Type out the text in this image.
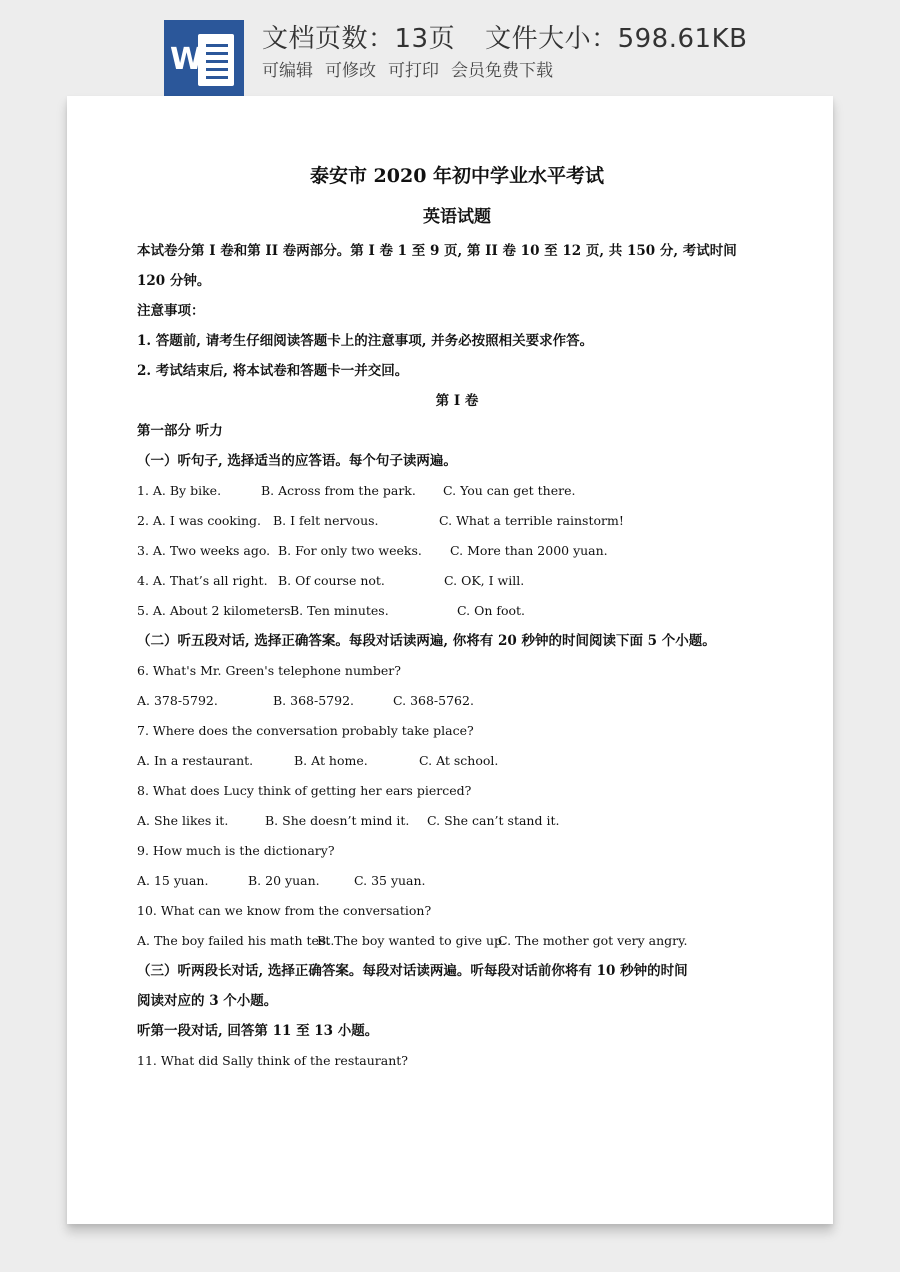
W
文档页数：13页 文件大小：598.61KB
可编辑 可修改 可打印 会员免费下载
泰安市 2020 年初中学业水平考试
英语试题
本试卷分第 I 卷和第 II 卷两部分。第 I 卷 1 至 9 页, 第 II 卷 10 至 12 页, 共 150 分, 考试时间
120 分钟。
注意事项：
1. 答题前, 请考生仔细阅读答题卡上的注意事项, 并务必按照相关要求作答。
2. 考试结束后, 将本试卷和答题卡一并交回。
第 I 卷
第一部分 听力
（一）听句子, 选择适当的应答语。每个句子读两遍。
1. A. By bike.	B. Across from the park. C. You can get there.
2. A. I was cooking. B. I felt nervous.	C. What a terrible rainstorm!
3. A. Two weeks ago. B. For only two weeks. C. More than 2000 yuan.
4. A. That’s all right. B. Of course not.	C. OK, I will.
5. A. About 2 kilometers.B. Ten minutes.	C. On foot.
（二）听五段对话, 选择正确答案。每段对话读两遍, 你将有 20 秒钟的时间阅读下面 5 个小题。
6. What's Mr. Green's telephone number?
A. 378-5792.	B. 368-5792.	C. 368-5762.
7. Where does the conversation probably take place?
A. In a restaurant.	B. At home.	C. At school.
8. What does Lucy think of getting her ears pierced?
A. She likes it.	B. She doesn’t mind it. C. She can’t stand it.
9. How much is the dictionary?
A. 15 yuan.	B. 20 yuan.	C. 35 yuan.
10. What can we know from the conversation?
A. The boy failed his math test.B. The boy wanted to give up.C. The mother got very angry.
（三）听两段长对话, 选择正确答案。每段对话读两遍。听每段对话前你将有 10 秒钟的时间
阅读对应的 3 个小题。
听第一段对话, 回答第 11 至 13 小题。
11. What did Sally think of the restaurant?
